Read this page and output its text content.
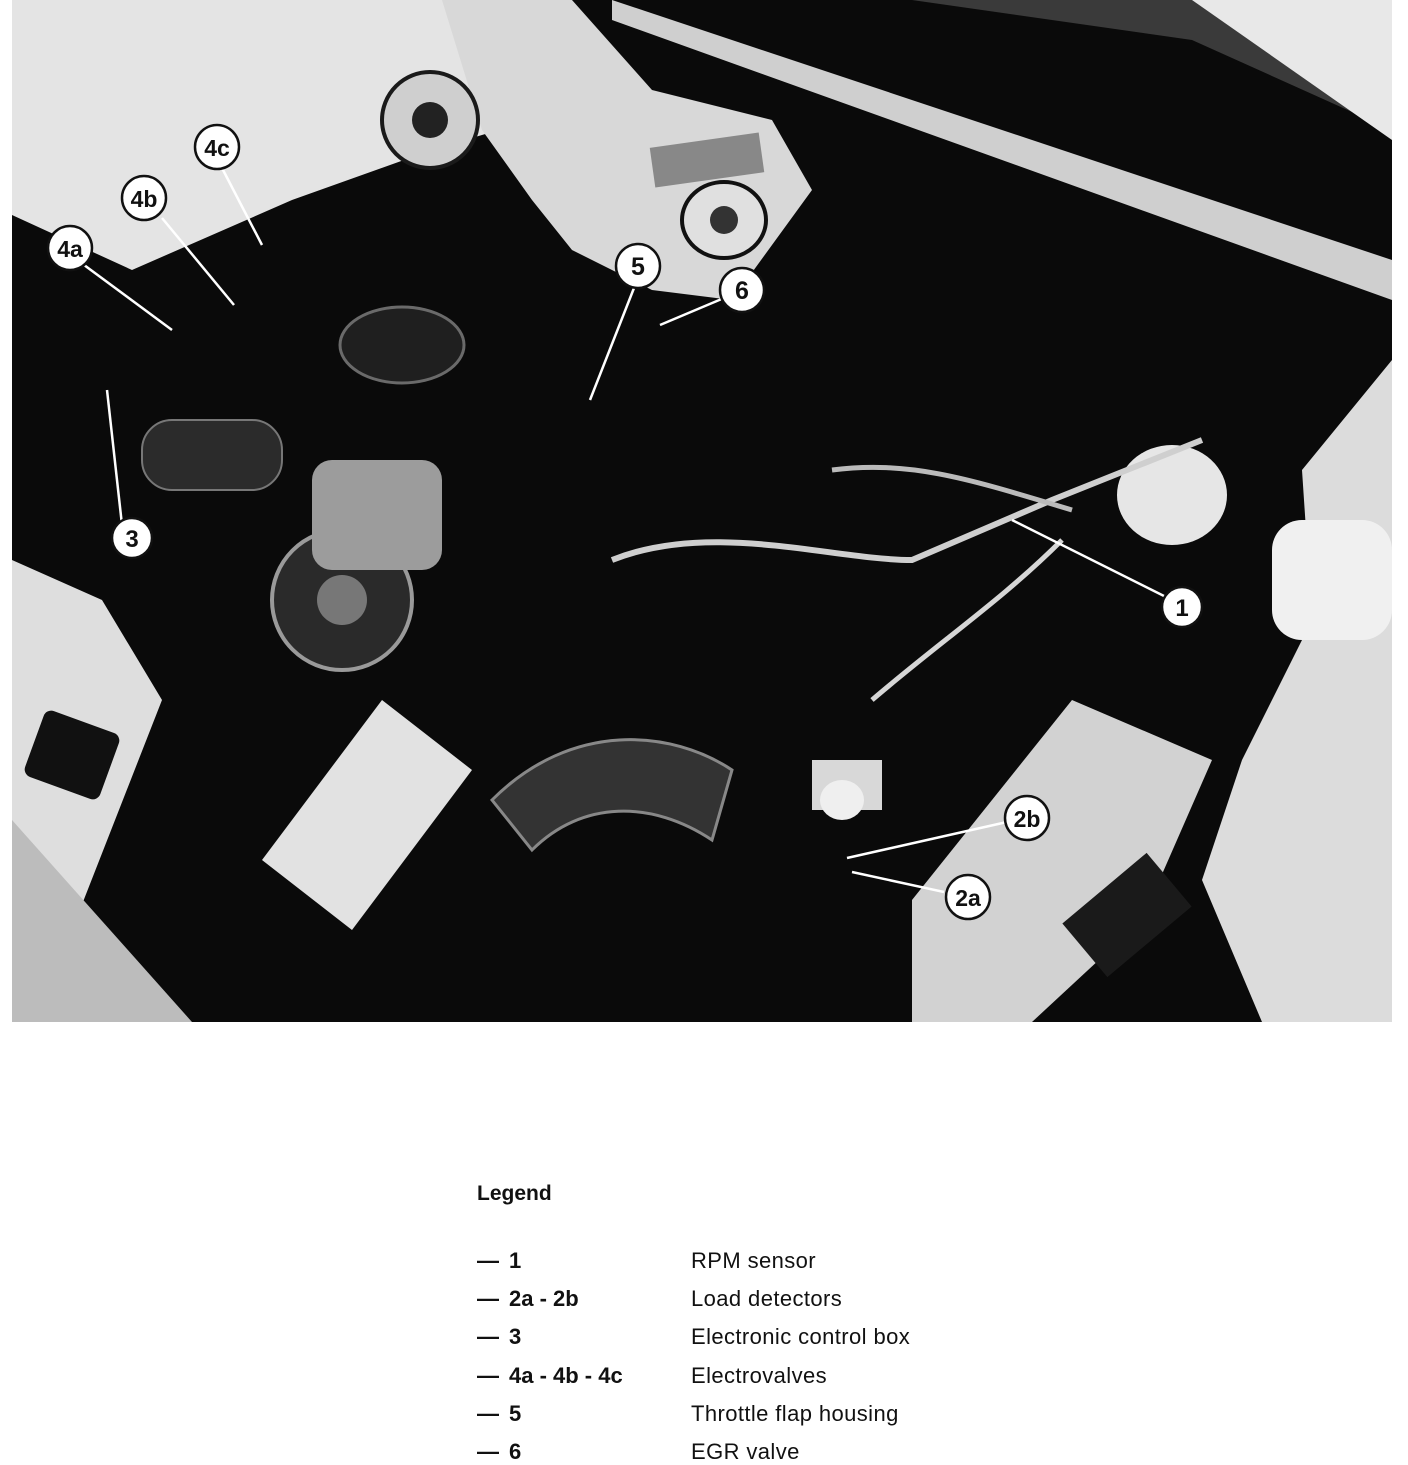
1
2a
2b
3
4a
4b
4c
5
6
Legend
— 1	RPM sensor
— 2a - 2b	Load detectors
— 3	Electronic control box
— 4a - 4b - 4c	Electrovalves
— 5	Throttle flap housing
— 6	EGR valve
